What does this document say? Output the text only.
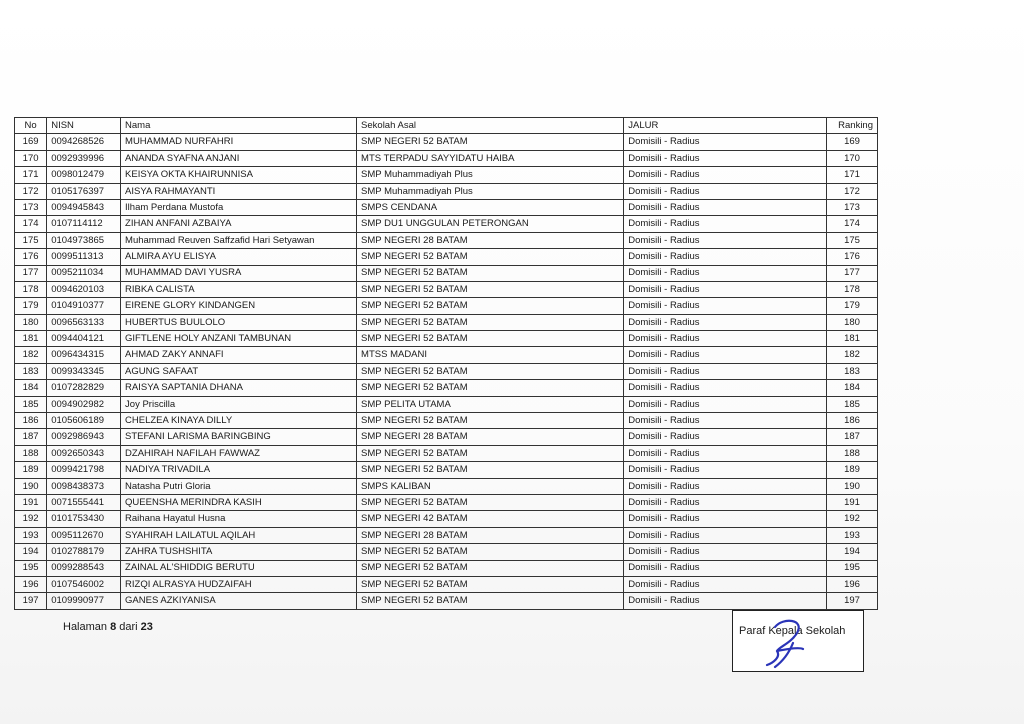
No	NISN	Nama	Sekolah Asal	JALUR	Ranking
169	0094268526	MUHAMMAD NURFAHRI	SMP NEGERI 52 BATAM	Domisili - Radius	169
170	0092939996	ANANDA SYAFNA ANJANI	MTS TERPADU SAYYIDATU HAIBA	Domisili - Radius	170
171	0098012479	KEISYA OKTA KHAIRUNNISA	SMP Muhammadiyah Plus	Domisili - Radius	171
172	0105176397	AISYA RAHMAYANTI	SMP Muhammadiyah Plus	Domisili - Radius	172
173	0094945843	Ilham Perdana Mustofa	SMPS CENDANA	Domisili - Radius	173
174	0107114112	ZIHAN ANFANI AZBAIYA	SMP DU1 UNGGULAN PETERONGAN	Domisili - Radius	174
175	0104973865	Muhammad Reuven Saffzafid Hari Setyawan	SMP NEGERI 28 BATAM	Domisili - Radius	175
176	0099511313	ALMIRA AYU ELISYA	SMP NEGERI 52 BATAM	Domisili - Radius	176
177	0095211034	MUHAMMAD DAVI YUSRA	SMP NEGERI 52 BATAM	Domisili - Radius	177
178	0094620103	RIBKA CALISTA	SMP NEGERI 52 BATAM	Domisili - Radius	178
179	0104910377	EIRENE GLORY KINDANGEN	SMP NEGERI 52 BATAM	Domisili - Radius	179
180	0096563133	HUBERTUS BUULOLO	SMP NEGERI 52 BATAM	Domisili - Radius	180
181	0094404121	GIFTLENE HOLY ANZANI TAMBUNAN	SMP NEGERI 52 BATAM	Domisili - Radius	181
182	0096434315	AHMAD ZAKY ANNAFI	MTSS MADANI	Domisili - Radius	182
183	0099343345	AGUNG SAFAAT	SMP NEGERI 52 BATAM	Domisili - Radius	183
184	0107282829	RAISYA SAPTANIA DHANA	SMP NEGERI 52 BATAM	Domisili - Radius	184
185	0094902982	Joy Priscilla	SMP PELITA UTAMA	Domisili - Radius	185
186	0105606189	CHELZEA KINAYA DILLY	SMP NEGERI 52 BATAM	Domisili - Radius	186
187	0092986943	STEFANI LARISMA BARINGBING	SMP NEGERI 28 BATAM	Domisili - Radius	187
188	0092650343	DZAHIRAH NAFILAH FAWWAZ	SMP NEGERI 52 BATAM	Domisili - Radius	188
189	0099421798	NADIYA TRIVADILA	SMP NEGERI 52 BATAM	Domisili - Radius	189
190	0098438373	Natasha Putri Gloria	SMPS KALIBAN	Domisili - Radius	190
191	0071555441	QUEENSHA MERINDRA KASIH	SMP NEGERI 52 BATAM	Domisili - Radius	191
192	0101753430	Raihana Hayatul Husna	SMP NEGERI 42 BATAM	Domisili - Radius	192
193	0095112670	SYAHIRAH LAILATUL AQILAH	SMP NEGERI 28 BATAM	Domisili - Radius	193
194	0102788179	ZAHRA TUSHSHITA	SMP NEGERI 52 BATAM	Domisili - Radius	194
195	0099288543	ZAINAL AL'SHIDDIG BERUTU	SMP NEGERI 52 BATAM	Domisili - Radius	195
196	0107546002	RIZQI ALRASYA HUDZAIFAH	SMP NEGERI 52 BATAM	Domisili - Radius	196
197	0109990977	GANES AZKIYANISA	SMP NEGERI 52 BATAM	Domisili - Radius	197
Halaman 8 dari 23	Paraf Kepala Sekolah
